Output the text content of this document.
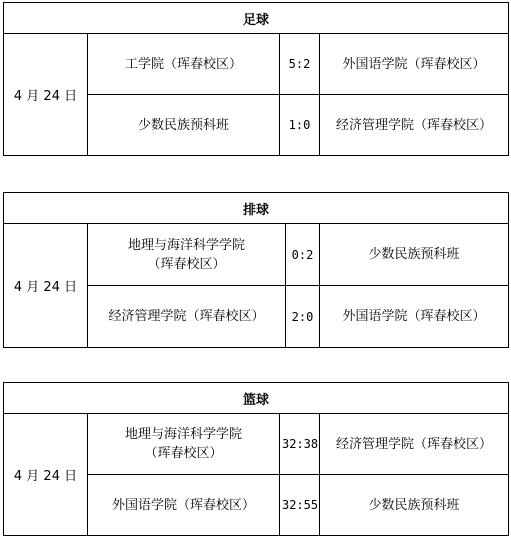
足球			
4 月 24 日	工学院（珲春校区）	5:2	外国语学院（珲春校区）

	少数民族预科班	1:0	经济管理学院（珲春校区）
排球			
4 月 24 日	地理与海洋科学学院
（珲春校区）	0:2	少数民族预科班

	经济管理学院（珲春校区）	2:0	外国语学院（珲春校区）
篮球			
4 月 24 日	地理与海洋科学学院
（珲春校区）	32:38	经济管理学院（珲春校区）

	外国语学院（珲春校区）	32:55	少数民族预科班
